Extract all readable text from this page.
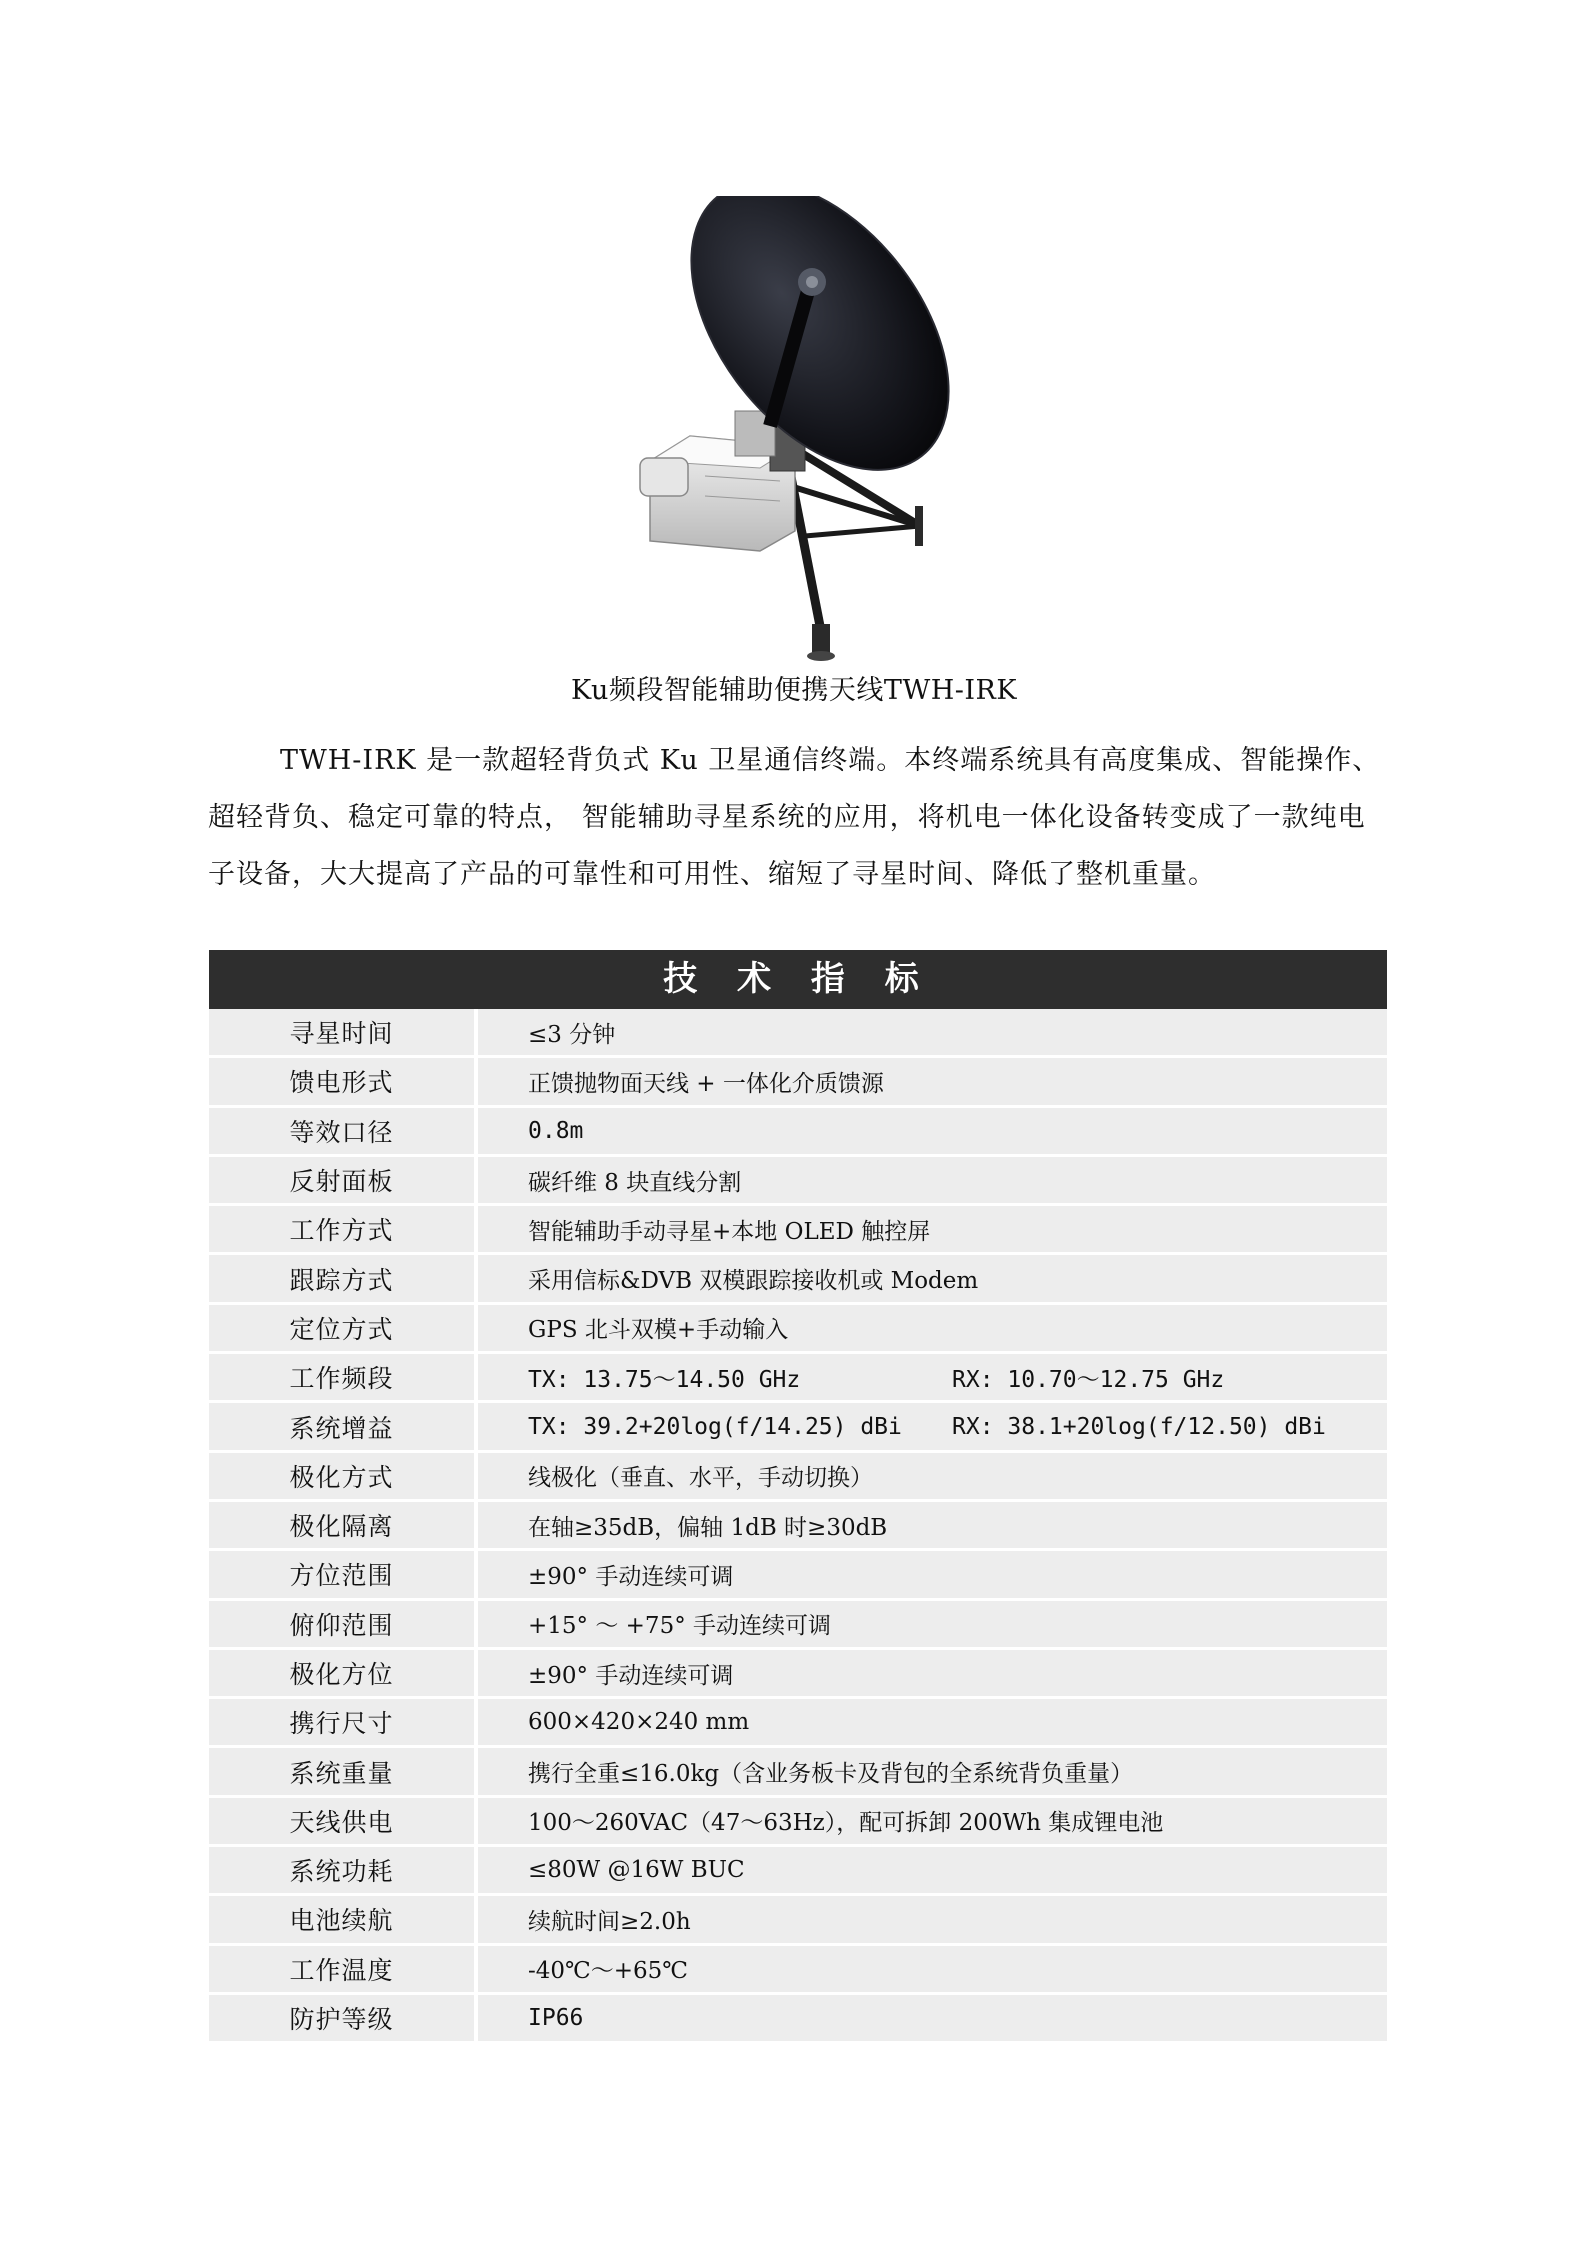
Ku频段智能辅助便携天线TWH-IRK

TWH-IRK 是一款超轻背负式 Ku 卫星通信终端。本终端系统具有高度集成、智能操作、超轻背负、稳定可靠的特点， 智能辅助寻星系统的应用，将机电一体化设备转变成了一款纯电子设备，大大提高了产品的可靠性和可用性、缩短了寻星时间、降低了整机重量。

技 术 指 标
寻星时间	≤3 分钟
馈电形式	正馈抛物面天线 + 一体化介质馈源
等效口径	0.8m
反射面板	碳纤维 8 块直线分割
工作方式	智能辅助手动寻星+本地 OLED 触控屏
跟踪方式	采用信标&DVB 双模跟踪接收机或 Modem
定位方式	GPS 北斗双模+手动输入
工作频段	TX: 13.75～14.50 GHz RX: 10.70～12.75 GHz
系统增益	TX: 39.2+20log(f/14.25) dBi RX: 38.1+20log(f/12.50) dBi
极化方式	线极化（垂直、水平，手动切换）
极化隔离	在轴≥35dB，偏轴 1dB 时≥30dB
方位范围	±90° 手动连续可调
俯仰范围	+15° ～ +75° 手动连续可调
极化方位	±90° 手动连续可调
携行尺寸	600×420×240 mm
系统重量	携行全重≤16.0kg（含业务板卡及背包的全系统背负重量）
天线供电	100～260VAC（47～63Hz），配可拆卸 200Wh 集成锂电池
系统功耗	≤80W @16W BUC
电池续航	续航时间≥2.0h
工作温度	-40℃～+65℃
防护等级	IP66
